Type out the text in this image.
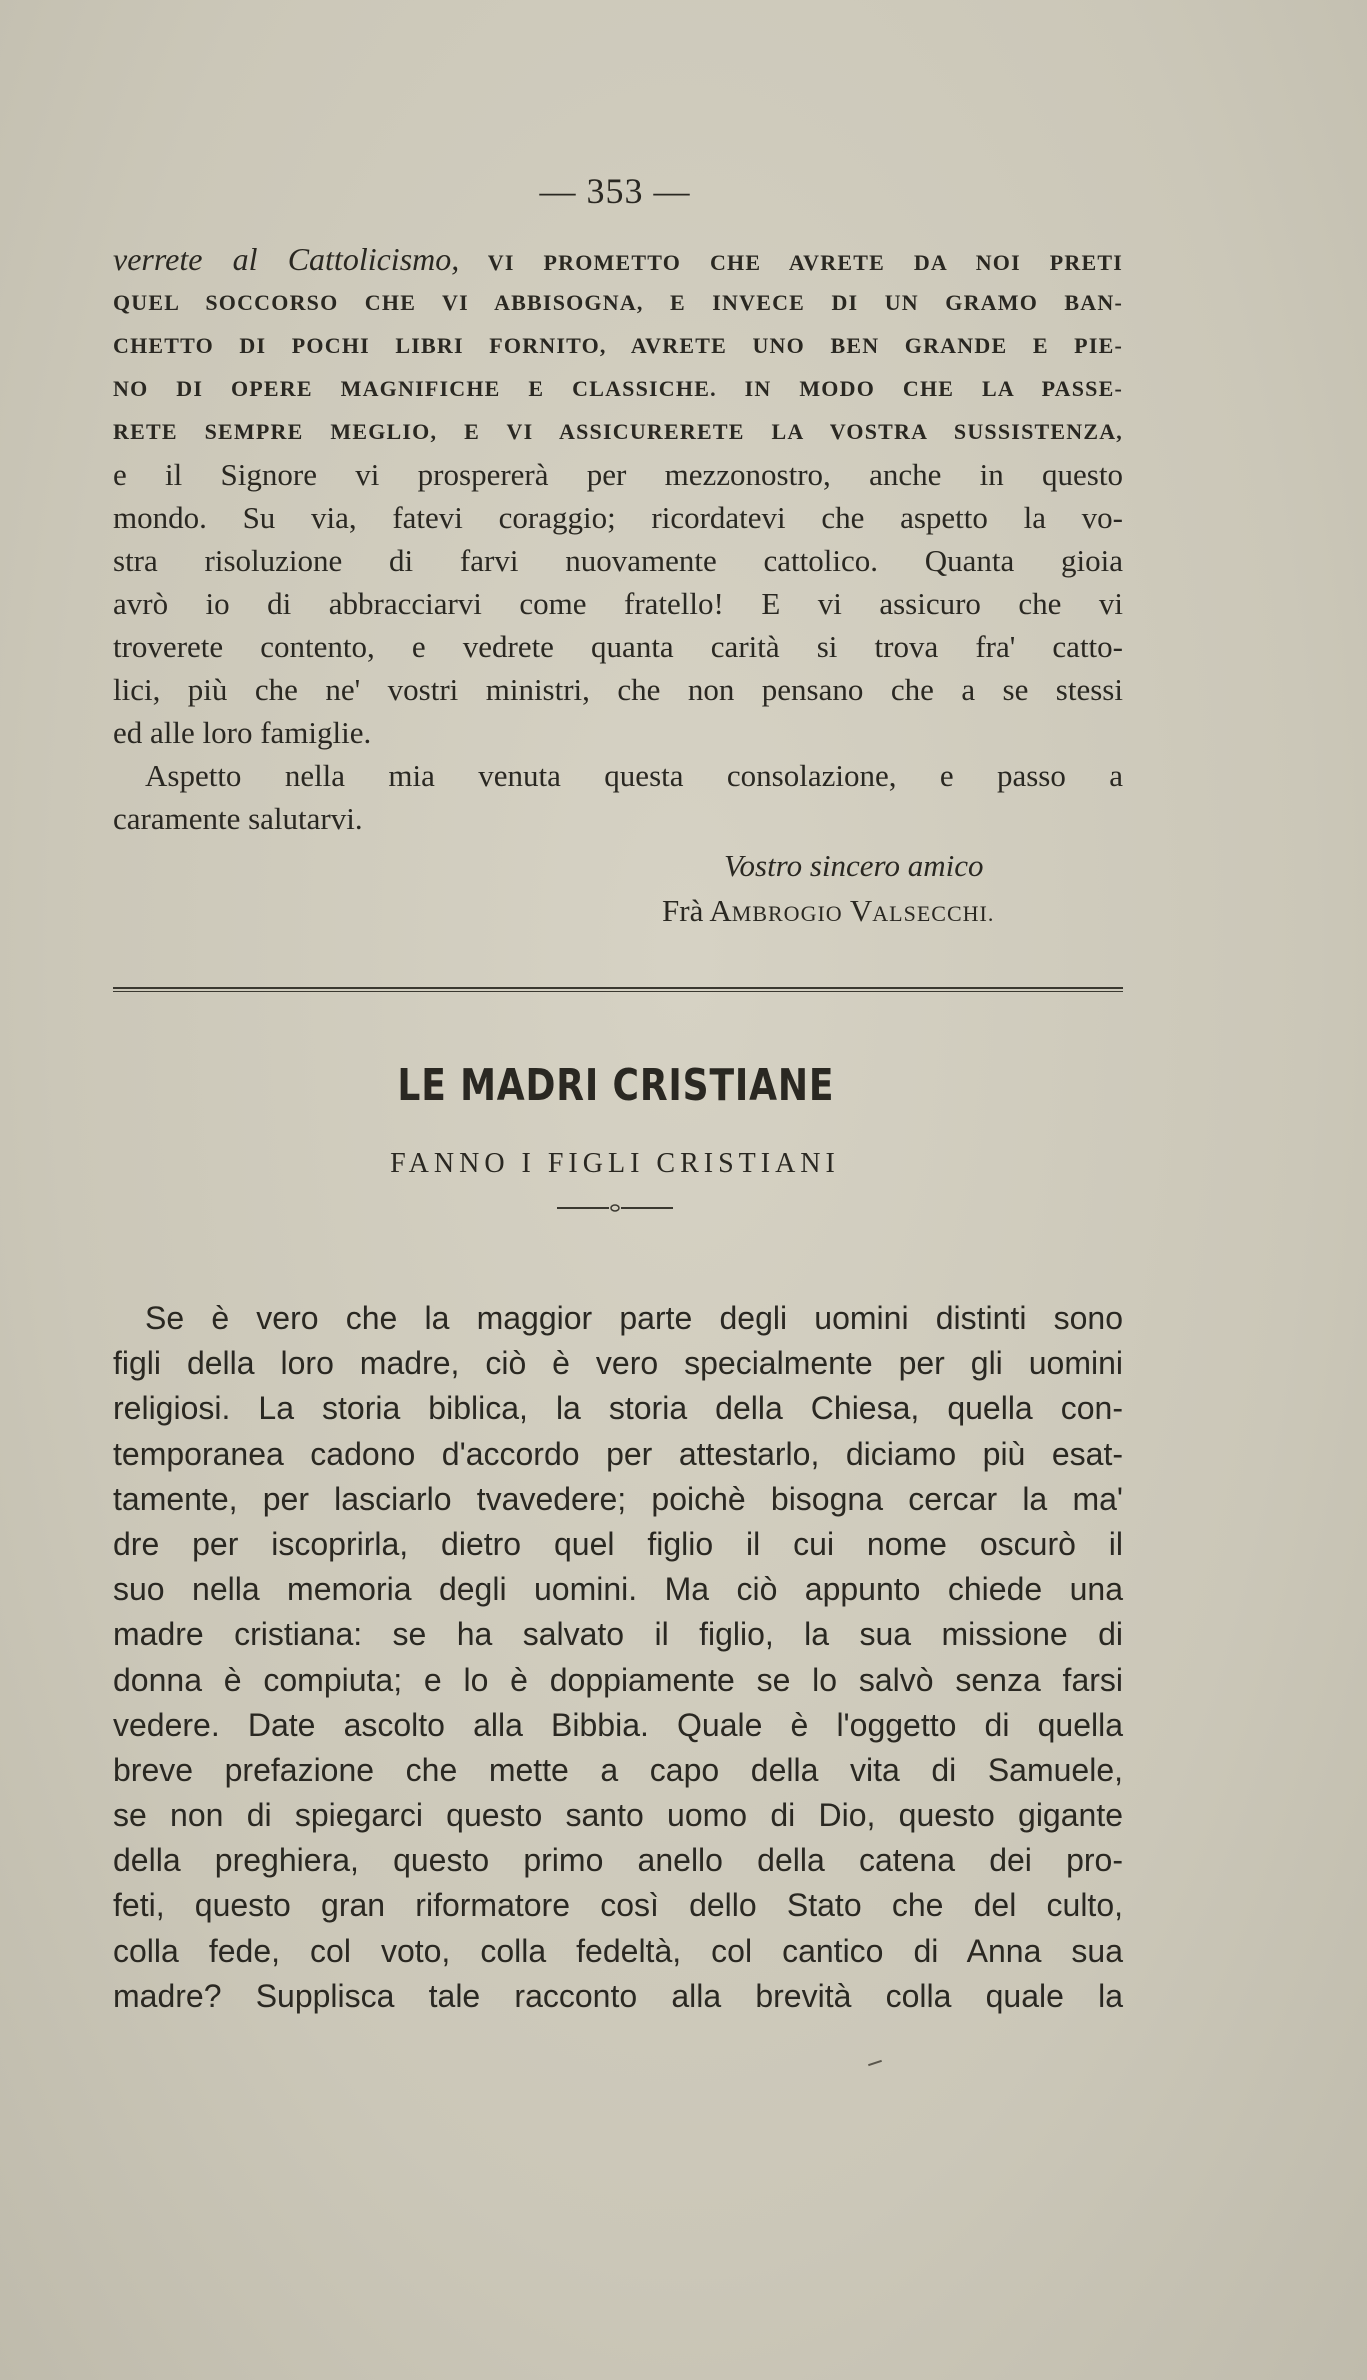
— 353 —
verrete al Cattolicismo, VI PROMETTO CHE AVRETE DA NOI PRETI
QUEL SOCCORSO CHE VI ABBISOGNA, E INVECE DI UN GRAMO BAN-
CHETTO DI POCHI LIBRI FORNITO, AVRETE UNO BEN GRANDE E PIE-
NO DI OPERE MAGNIFICHE E CLASSICHE. IN MODO CHE LA PASSE-
RETE SEMPRE MEGLIO, E VI ASSICURERETE LA VOSTRA SUSSISTENZA,
e il Signore vi prospererà per mezzonostro, anche in questo
mondo. Su via, fatevi coraggio; ricordatevi che aspetto la vo-
stra risoluzione di farvi nuovamente cattolico. Quanta gioia
avrò io di abbracciarvi come fratello! E vi assicuro che vi
troverete contento, e vedrete quanta carità si trova fra' catto-
lici, più che ne' vostri ministri, che non pensano che a se stessi
ed alle loro famiglie.
Aspetto nella mia venuta questa consolazione, e passo a
caramente salutarvi.
Vostro sincero amico
Frà AMBROGIO VALSECCHI.
LE MADRI CRISTIANE
FANNO I FIGLI CRISTIANI
Se è vero che la maggior parte degli uomini distinti sono
figli della loro madre, ciò è vero specialmente per gli uomini
religiosi. La storia biblica, la storia della Chiesa, quella con-
temporanea cadono d'accordo per attestarlo, diciamo più esat-
tamente, per lasciarlo tvavedere; poichè bisogna cercar la ma'
dre per iscoprirla, dietro quel figlio il cui nome oscurò il
suo nella memoria degli uomini. Ma ciò appunto chiede una
madre cristiana: se ha salvato il figlio, la sua missione di
donna è compiuta; e lo è doppiamente se lo salvò senza farsi
vedere. Date ascolto alla Bibbia. Quale è l'oggetto di quella
breve prefazione che mette a capo della vita di Samuele,
se non di spiegarci questo santo uomo di Dio, questo gigante
della preghiera, questo primo anello della catena dei pro-
feti, questo gran riformatore così dello Stato che del culto,
colla fede, col voto, colla fedeltà, col cantico di Anna sua
madre? Supplisca tale racconto alla brevità colla quale la
